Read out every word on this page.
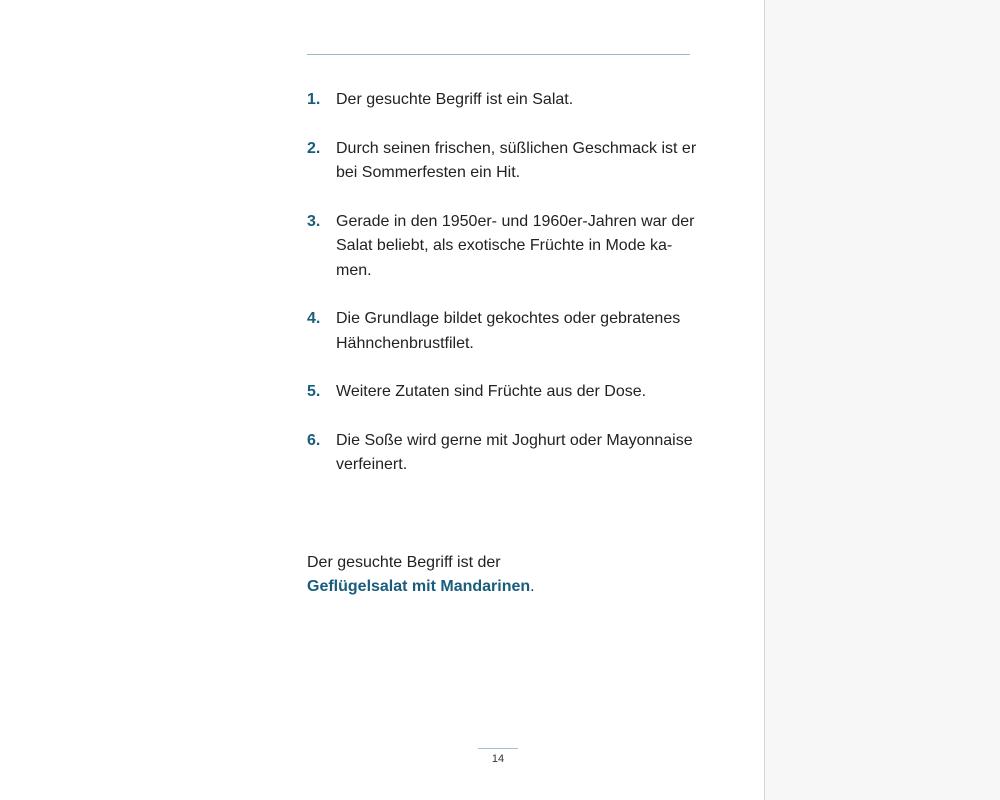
1. Der gesuchte Begriff ist ein Salat.
2. Durch seinen frischen, süßlichen Geschmack ist er
bei Sommerfesten ein Hit.
3. Gerade in den 1950er- und 1960er-Jahren war der
Salat beliebt, als exotische Früchte in Mode ka-
men.
4. Die Grundlage bildet gekochtes oder gebratenes
Hähnchenbrustfilet.
5. Weitere Zutaten sind Früchte aus der Dose.
6. Die Soße wird gerne mit Joghurt oder Mayonnaise
verfeinert.
Der gesuchte Begriff ist der
Geflügelsalat mit Mandarinen.
14
